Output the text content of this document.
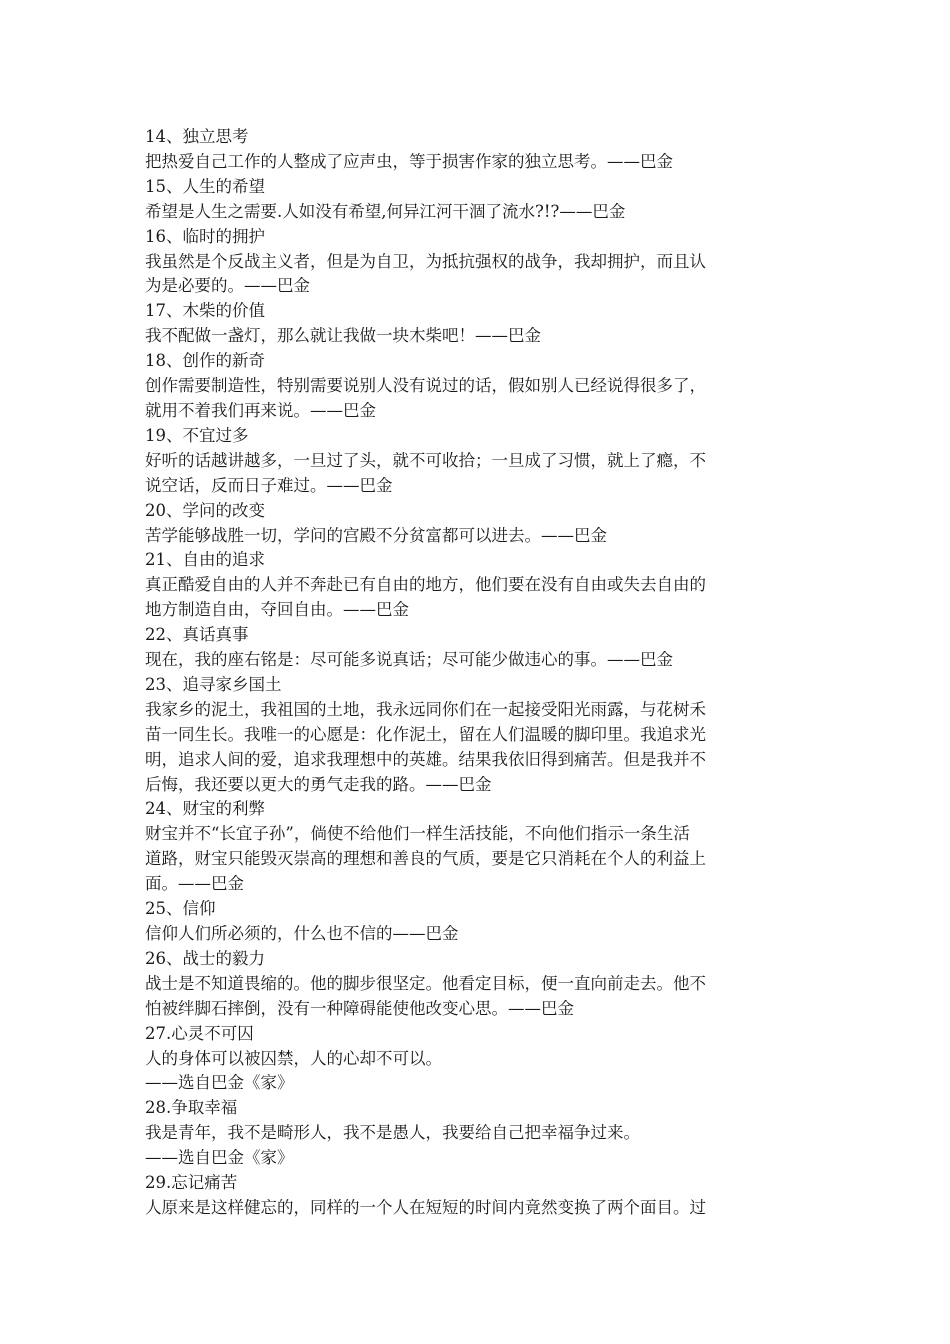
14、独立思考
把热爱自己工作的人整成了应声虫，等于损害作家的独立思考。——巴金
15、人生的希望
希望是人生之需要.人如没有希望,何异江河干涸了流水?!?——巴金
16、临时的拥护
我虽然是个反战主义者，但是为自卫，为抵抗强权的战争，我却拥护，而且认
为是必要的。——巴金
17、木柴的价值
我不配做一盏灯，那么就让我做一块木柴吧！——巴金
18、创作的新奇
创作需要制造性，特别需要说别人没有说过的话，假如别人已经说得很多了，
就用不着我们再来说。——巴金
19、不宜过多
好听的话越讲越多，一旦过了头，就不可收拾；一旦成了习惯，就上了瘾，不
说空话，反而日子难过。——巴金
20、学问的改变
苦学能够战胜一切，学问的宫殿不分贫富都可以进去。——巴金
21、自由的追求
真正酷爱自由的人并不奔赴已有自由的地方，他们要在没有自由或失去自由的
地方制造自由，夺回自由。——巴金
22、真话真事
现在，我的座右铭是：尽可能多说真话；尽可能少做违心的事。——巴金
23、追寻家乡国土
我家乡的泥土，我祖国的土地，我永远同你们在一起接受阳光雨露，与花树禾
苗一同生长。我唯一的心愿是：化作泥土，留在人们温暖的脚印里。我追求光
明，追求人间的爱，追求我理想中的英雄。结果我依旧得到痛苦。但是我并不
后悔，我还要以更大的勇气走我的路。——巴金
24、财宝的利弊
财宝并不“长宜子孙”，倘使不给他们一样生活技能，不向他们指示一条生活
道路，财宝只能毁灭崇高的理想和善良的气质，要是它只消耗在个人的利益上
面。——巴金
25、信仰
信仰人们所必须的，什么也不信的——巴金
26、战士的毅力
战士是不知道畏缩的。他的脚步很坚定。他看定目标，便一直向前走去。他不
怕被绊脚石摔倒，没有一种障碍能使他改变心思。——巴金
27.心灵不可囚
人的身体可以被囚禁，人的心却不可以。
——选自巴金《家》
28.争取幸福
我是青年，我不是畸形人，我不是愚人，我要给自己把幸福争过来。
——选自巴金《家》
29.忘记痛苦
人原来是这样健忘的，同样的一个人在短短的时间内竟然变换了两个面目。过
